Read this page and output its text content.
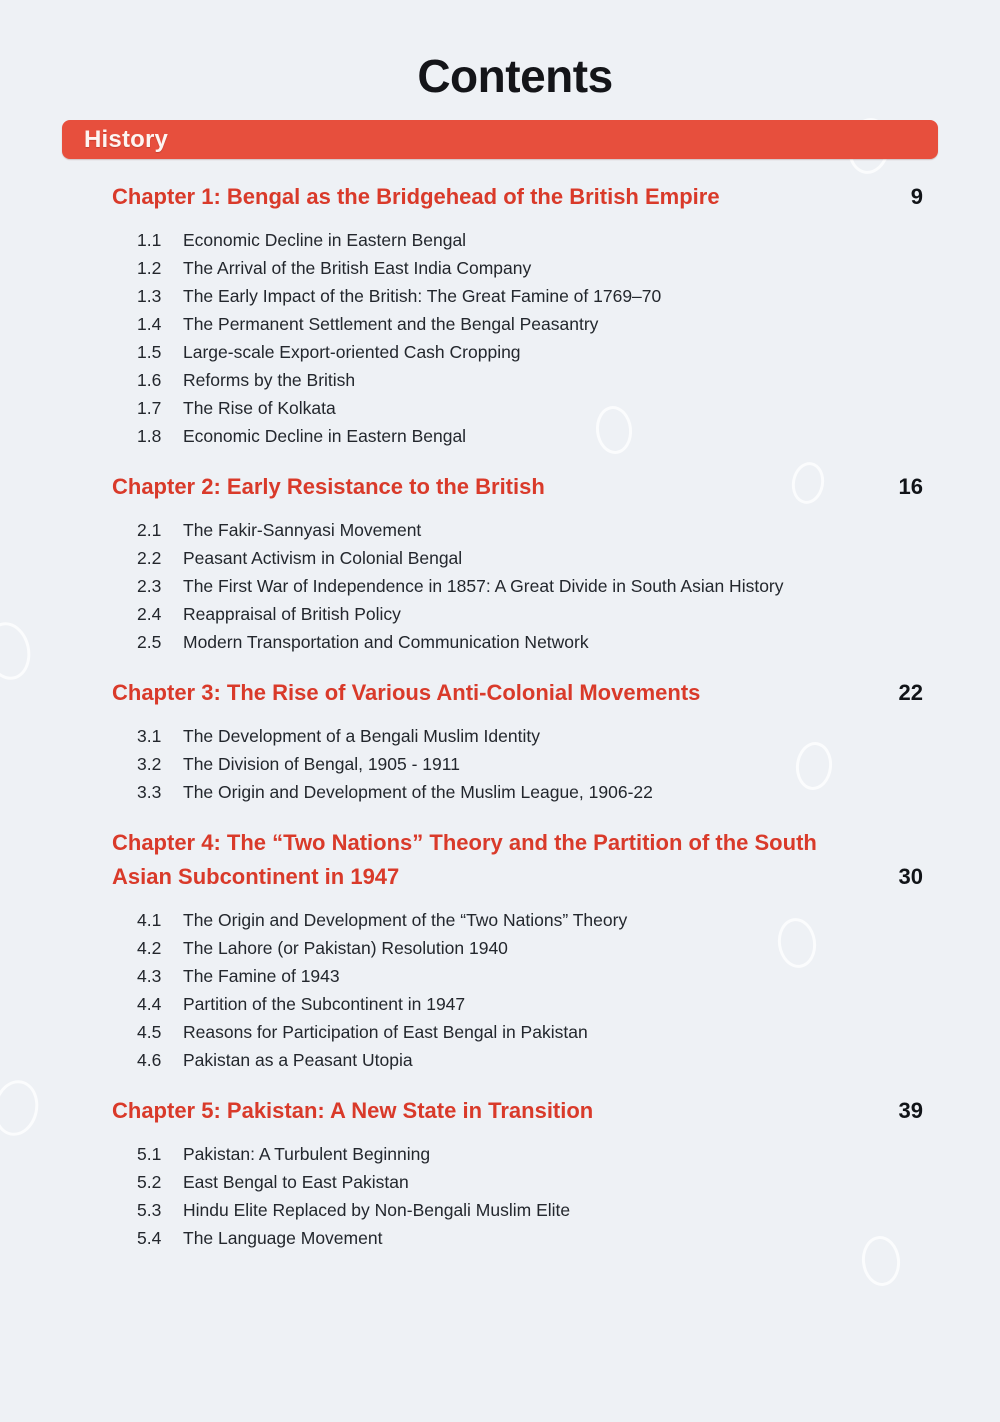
Contents
History
Chapter 1: Bengal as the Bridgehead of the British Empire	9
1.1	Economic Decline in Eastern Bengal
1.2	The Arrival of the British East India Company
1.3	The Early Impact of the British: The Great Famine of 1769–70
1.4	The Permanent Settlement and the Bengal Peasantry
1.5	Large-scale Export-oriented Cash Cropping
1.6	Reforms by the British
1.7	The Rise of Kolkata
1.8	Economic Decline in Eastern Bengal
Chapter 2: Early Resistance to the British	16
2.1	The Fakir-Sannyasi Movement
2.2	Peasant Activism in Colonial Bengal
2.3	The First War of Independence in 1857: A Great Divide in South Asian History
2.4	Reappraisal of British Policy
2.5	Modern Transportation and Communication Network
Chapter 3: The Rise of Various Anti-Colonial Movements	22
3.1	The Development of a Bengali Muslim Identity
3.2	The Division of Bengal, 1905 - 1911
3.3	The Origin and Development of the Muslim League, 1906-22
Chapter 4: The “Two Nations” Theory and the Partition of the South Asian Subcontinent in 1947	30
4.1	The Origin and Development of the “Two Nations” Theory
4.2	The Lahore (or Pakistan) Resolution 1940
4.3	The Famine of 1943
4.4	Partition of the Subcontinent in 1947
4.5	Reasons for Participation of East Bengal in Pakistan
4.6	Pakistan as a Peasant Utopia
Chapter 5: Pakistan: A New State in Transition	39
5.1	Pakistan: A Turbulent Beginning
5.2	East Bengal to East Pakistan
5.3	Hindu Elite Replaced by Non-Bengali Muslim Elite
5.4	The Language Movement
